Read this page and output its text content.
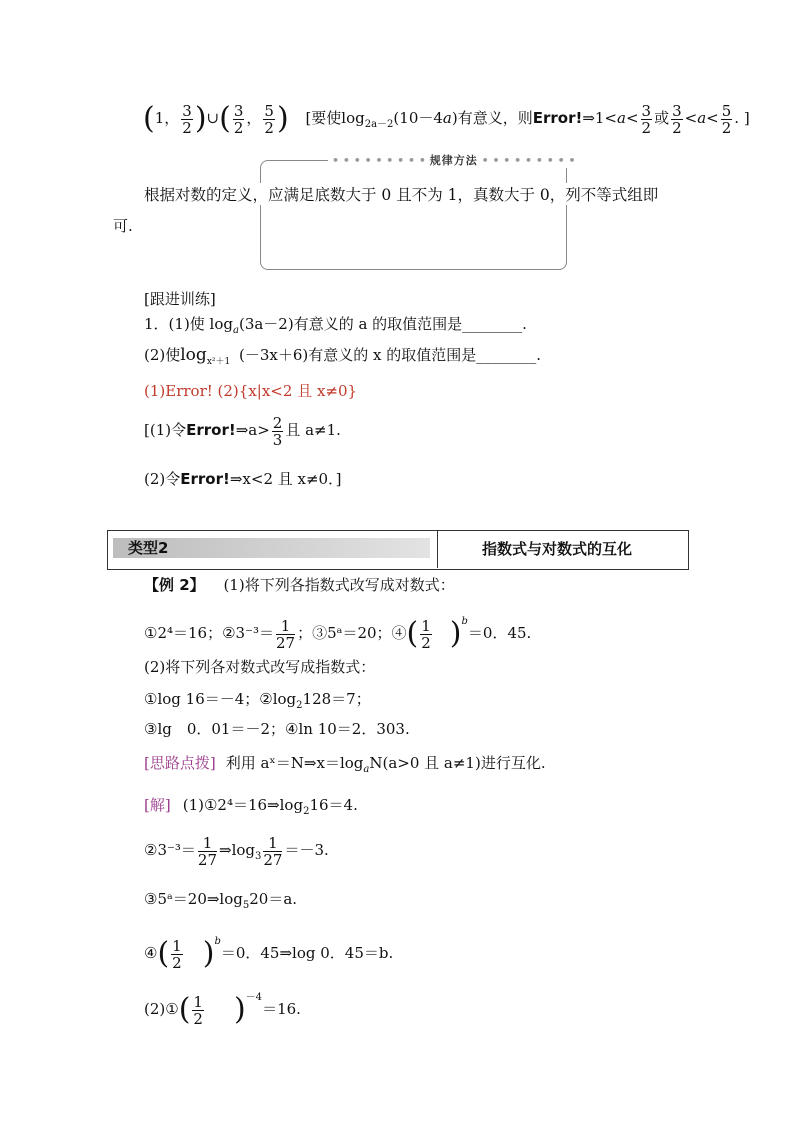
(1， $\frac{3}{2}$ )∪( $\frac{3}{2}$ ， $\frac{5}{2}$ ) [要使$\log_{2a-2}(10-4a)$有意义，则Error!⇒1<a< $\frac{3}{2}$ 或 $\frac{3}{2} <a< \frac{5}{2}$ . ]
• • • • • • • • • 规律方法 • • • • • • • • •
根据对数的定义，应满足底数大于 0 且不为 1，真数大于 0，列不等式组即
可.
[跟进训练]
1．(1)使 $\log_a(3a-2)$有意义的 a 的取值范围是________.
(2)使$\log_{x^2+1} (-3x+6)$有意义的 x 的取值范围是________.
(1)Error! (2){x|x<2 且 x≠0}
[(1)令Error!⇒a> $\frac{2}{3}$ 且 a≠1.
(2)令Error!⇒x<2 且 x≠0．]
类型2	指数式与对数式的互化
【例 2】 (1)将下列各指数式改写成对数式：
①2⁴＝16；②3⁻³＝ $\frac{1}{27}$ ；③5ᵃ＝20；④( $\frac{1}{2} )^b=0$．45.
(2)将下列各对数式改写成指数式：
①log 16＝－4；$②\log_2128=7$；
③lg　0．01＝－2；④ln 10＝2．303.
[思路点拨] 利用 $aˣ=N\Rightarrow x=\log_aN(a>0$ 且 a≠1)进行互化.
[解] $(1)①2^4=16\Rightarrow\log_216=4$.
②3⁻³＝ $\frac{1}{27}$ $\Rightarrow\log_3 \frac{1}{27} =-3$.
$③5ᵃ=20\Rightarrow\log_520=a$.
④( $\frac{1}{2} )^b=0$．45⇒log 0．45＝b.
(2)①( $\frac{1}{2} )^{-4}=16$.
